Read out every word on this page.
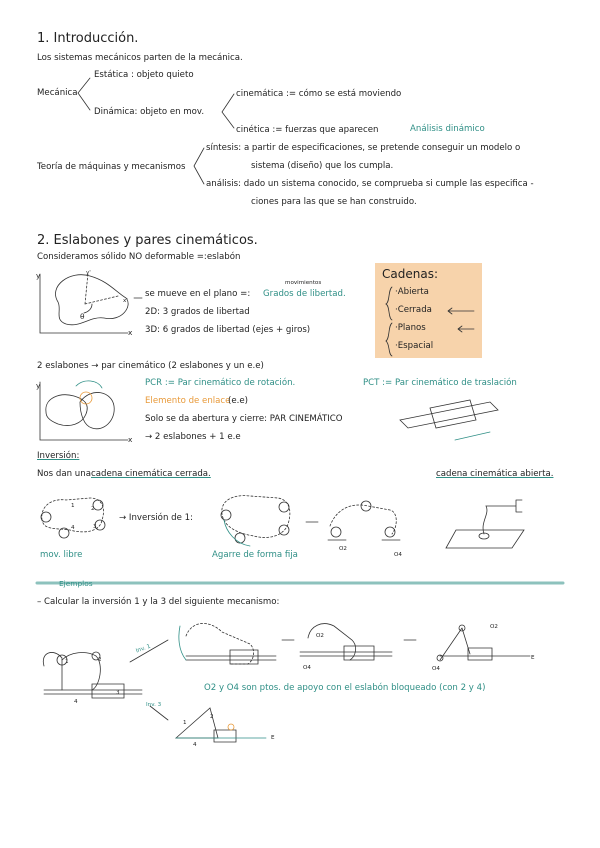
1. Introducción.
Los sistemas mecánicos parten de la mecánica.
Estática : objeto quieto
Mecánica
Dinámica: objeto en mov.
cinemática := cómo se está moviendo
cinética := fuerzas que aparecen	Análisis dinámico
Teoría de máquinas y mecanismos
síntesis: a partir de especificaciones, se pretende conseguir un modelo o
sistema (diseño) que los cumpla.
análisis: dado un sistema conocido, se comprueba si cumple las especifica -
ciones para las que se han construido.
2. Eslabones y pares cinemáticos.
Consideramos sólido NO deformable =:eslabón
movimientos
se mueve en el plano =: Grados de libertad.
2D: 3 grados de libertad
3D: 6 grados de libertad (ejes + giros)
y
x
x'
y'
θ
Cadenas:
·Abierta
·Cerrada
·Planos
·Espacial
2 eslabones → par cinemático (2 eslabones y un e.e)
PCR := Par cinemático de rotación.
Elemento de enlace
(e.e)
Solo se da abertura y cierre: PAR CINEMÁTICO
→ 2 eslabones + 1 e.e
PCT := Par cinemático de traslación
y
x
Inversión:
Nos dan una cadena cinemática cerrada.	cadena cinemática abierta.
→ Inversión de 1:
mov. libre	Agarre de forma fija
O2
O4
1	2
3
4
Ejemplos
– Calcular la inversión 1 y la 3 del siguiente mecanismo:
Inv. 1
Inv. 3
O2 y O4 son ptos. de apoyo con el eslabón bloqueado (con 2 y 4)
E
E
O4
O2
O2
O4
1	2
3
4
1
2
4
